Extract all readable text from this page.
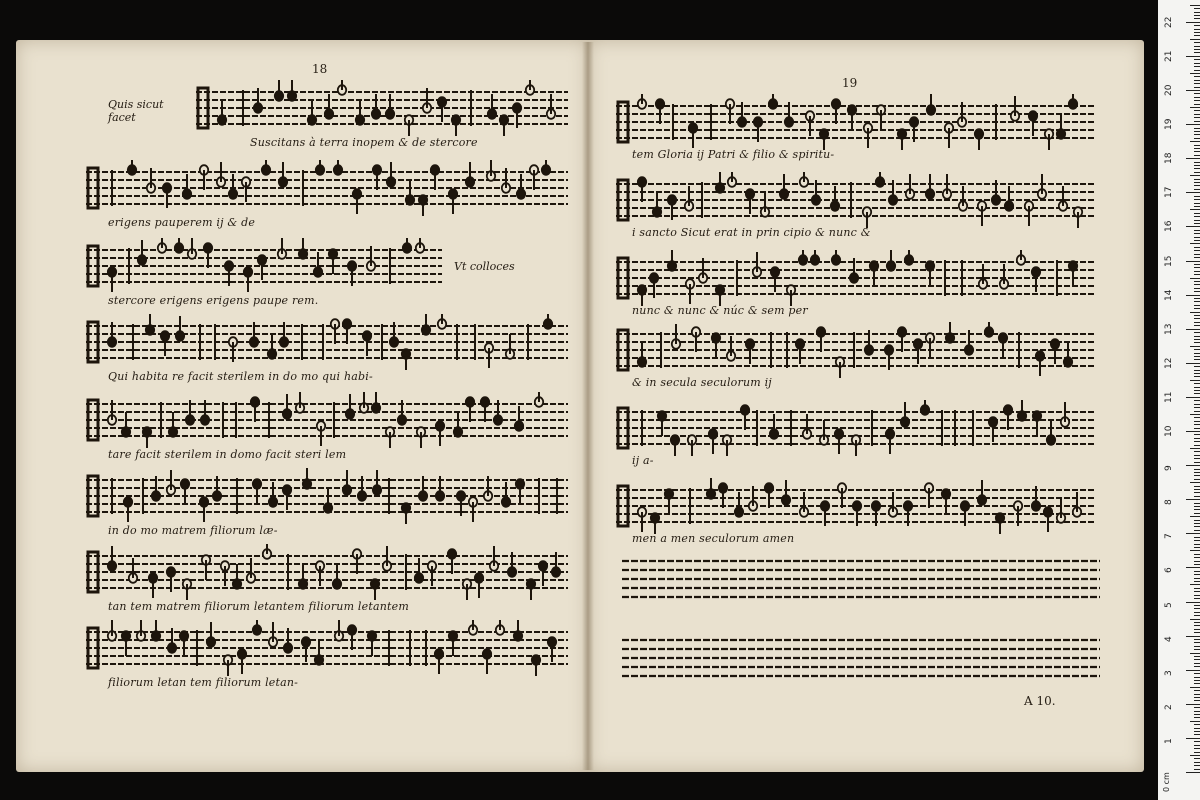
18
Quis sicut
facet
Vt colloces
Suscitans à terra inopem & de stercore
erigens pauperem ij & de
stercore erigens erigens paupe rem.
Qui habita re facit sterilem in do mo qui habi-
tare facit sterilem in domo facit steri lem
in do mo matrem filiorum læ-
tan tem matrem filiorum letantem filiorum letantem
filiorum letan tem filiorum letan-
tem Gloria ij Patri & filio & spiritu-
i sancto Sicut erat in prin cipio & nunc &
nunc & nunc & núc & sem per
& in secula seculorum ij
ij a-
men a men seculorum amen
A 10.
19
0 cm
1
2
3
4
5
6
7
8
9
10
11
12
13
14
15
16
17
18
19
20
21
22
